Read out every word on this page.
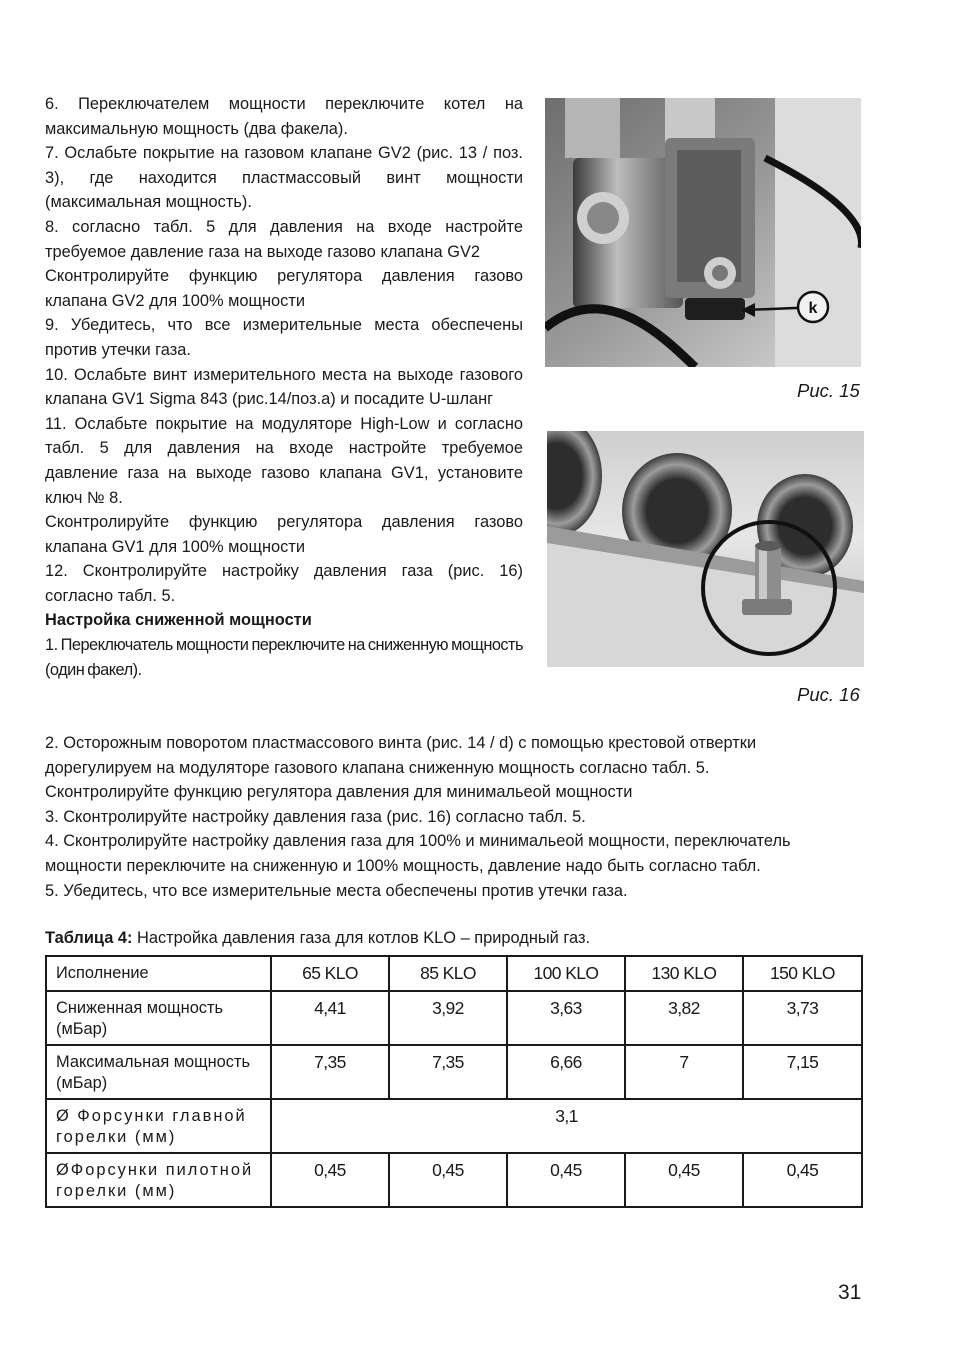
6. Переключателем мощности переключите котел на максимальную мощность (два факела).

7. Ослабьте покрытие на газовом клапане GV2 (рис. 13 / поз. 3), где находится пластмассовый винт мощности (максимальная мощность).

8. согласно табл. 5 для давления на входе настройте требуемое давление газа на выходе газово клапана GV2

Сконтролируйте функцию регулятора давления газово клапана GV2 для 100% мощности

9. Убедитесь, что все измерительные места обеспечены против утечки газа.

10. Ослабьте винт измерительного места на выходе газового клапана GV1 Sigma 843 (рис.14/поз.а) и посадите U-шланг

11. Ослабьте покрытие на модуляторе High-Low и согласно табл. 5 для давления на входе настройте требуемое давление газа на выходе газово клапана GV1, установите ключ № 8.

Сконтролируйте функцию регулятора давления газово клапана GV1 для 100% мощности

12. Сконтролируйте настройку давления газа (рис. 16) согласно табл. 5.

Настройка сниженной мощности

1. Переключатель мощности переключите на сниженную мощность (один факел).

k
Рис. 15
Рис. 16

2. Осторожным поворотом пластмассового винта (рис. 14 / d) с помощью крестовой отвертки дорегулируем на модуляторе газового клапана сниженную мощность согласно табл. 5.

Сконтролируйте функцию регулятора давления для минимальеой мощности

3. Сконтролируйте настройку давления газа (рис. 16) согласно табл. 5.

4. Сконтролируйте настройку давления газа для 100% и минимальеой мощности, переключатель мощности переключите на сниженную и 100% мощность, давление надо быть согласно табл.

5. Убедитесь, что все измерительные места обеспечены против утечки газа.

Таблица 4: Настройка давления газа для котлов KLO – природный газ.
Исполнение	65 KLO	85 KLO	100 KLO	130 KLO	150 KLO
Сниженная мощность (мБар)	4,41	3,92	3,63	3,82	3,73
Максимальная мощность (мБар)	7,35	7,35	6,66	7	7,15
Ø Форсунки главной горелки (мм)	3,1				
ØФорсунки пилотной горелки (мм)	0,45	0,45	0,45	0,45	0,45
31
